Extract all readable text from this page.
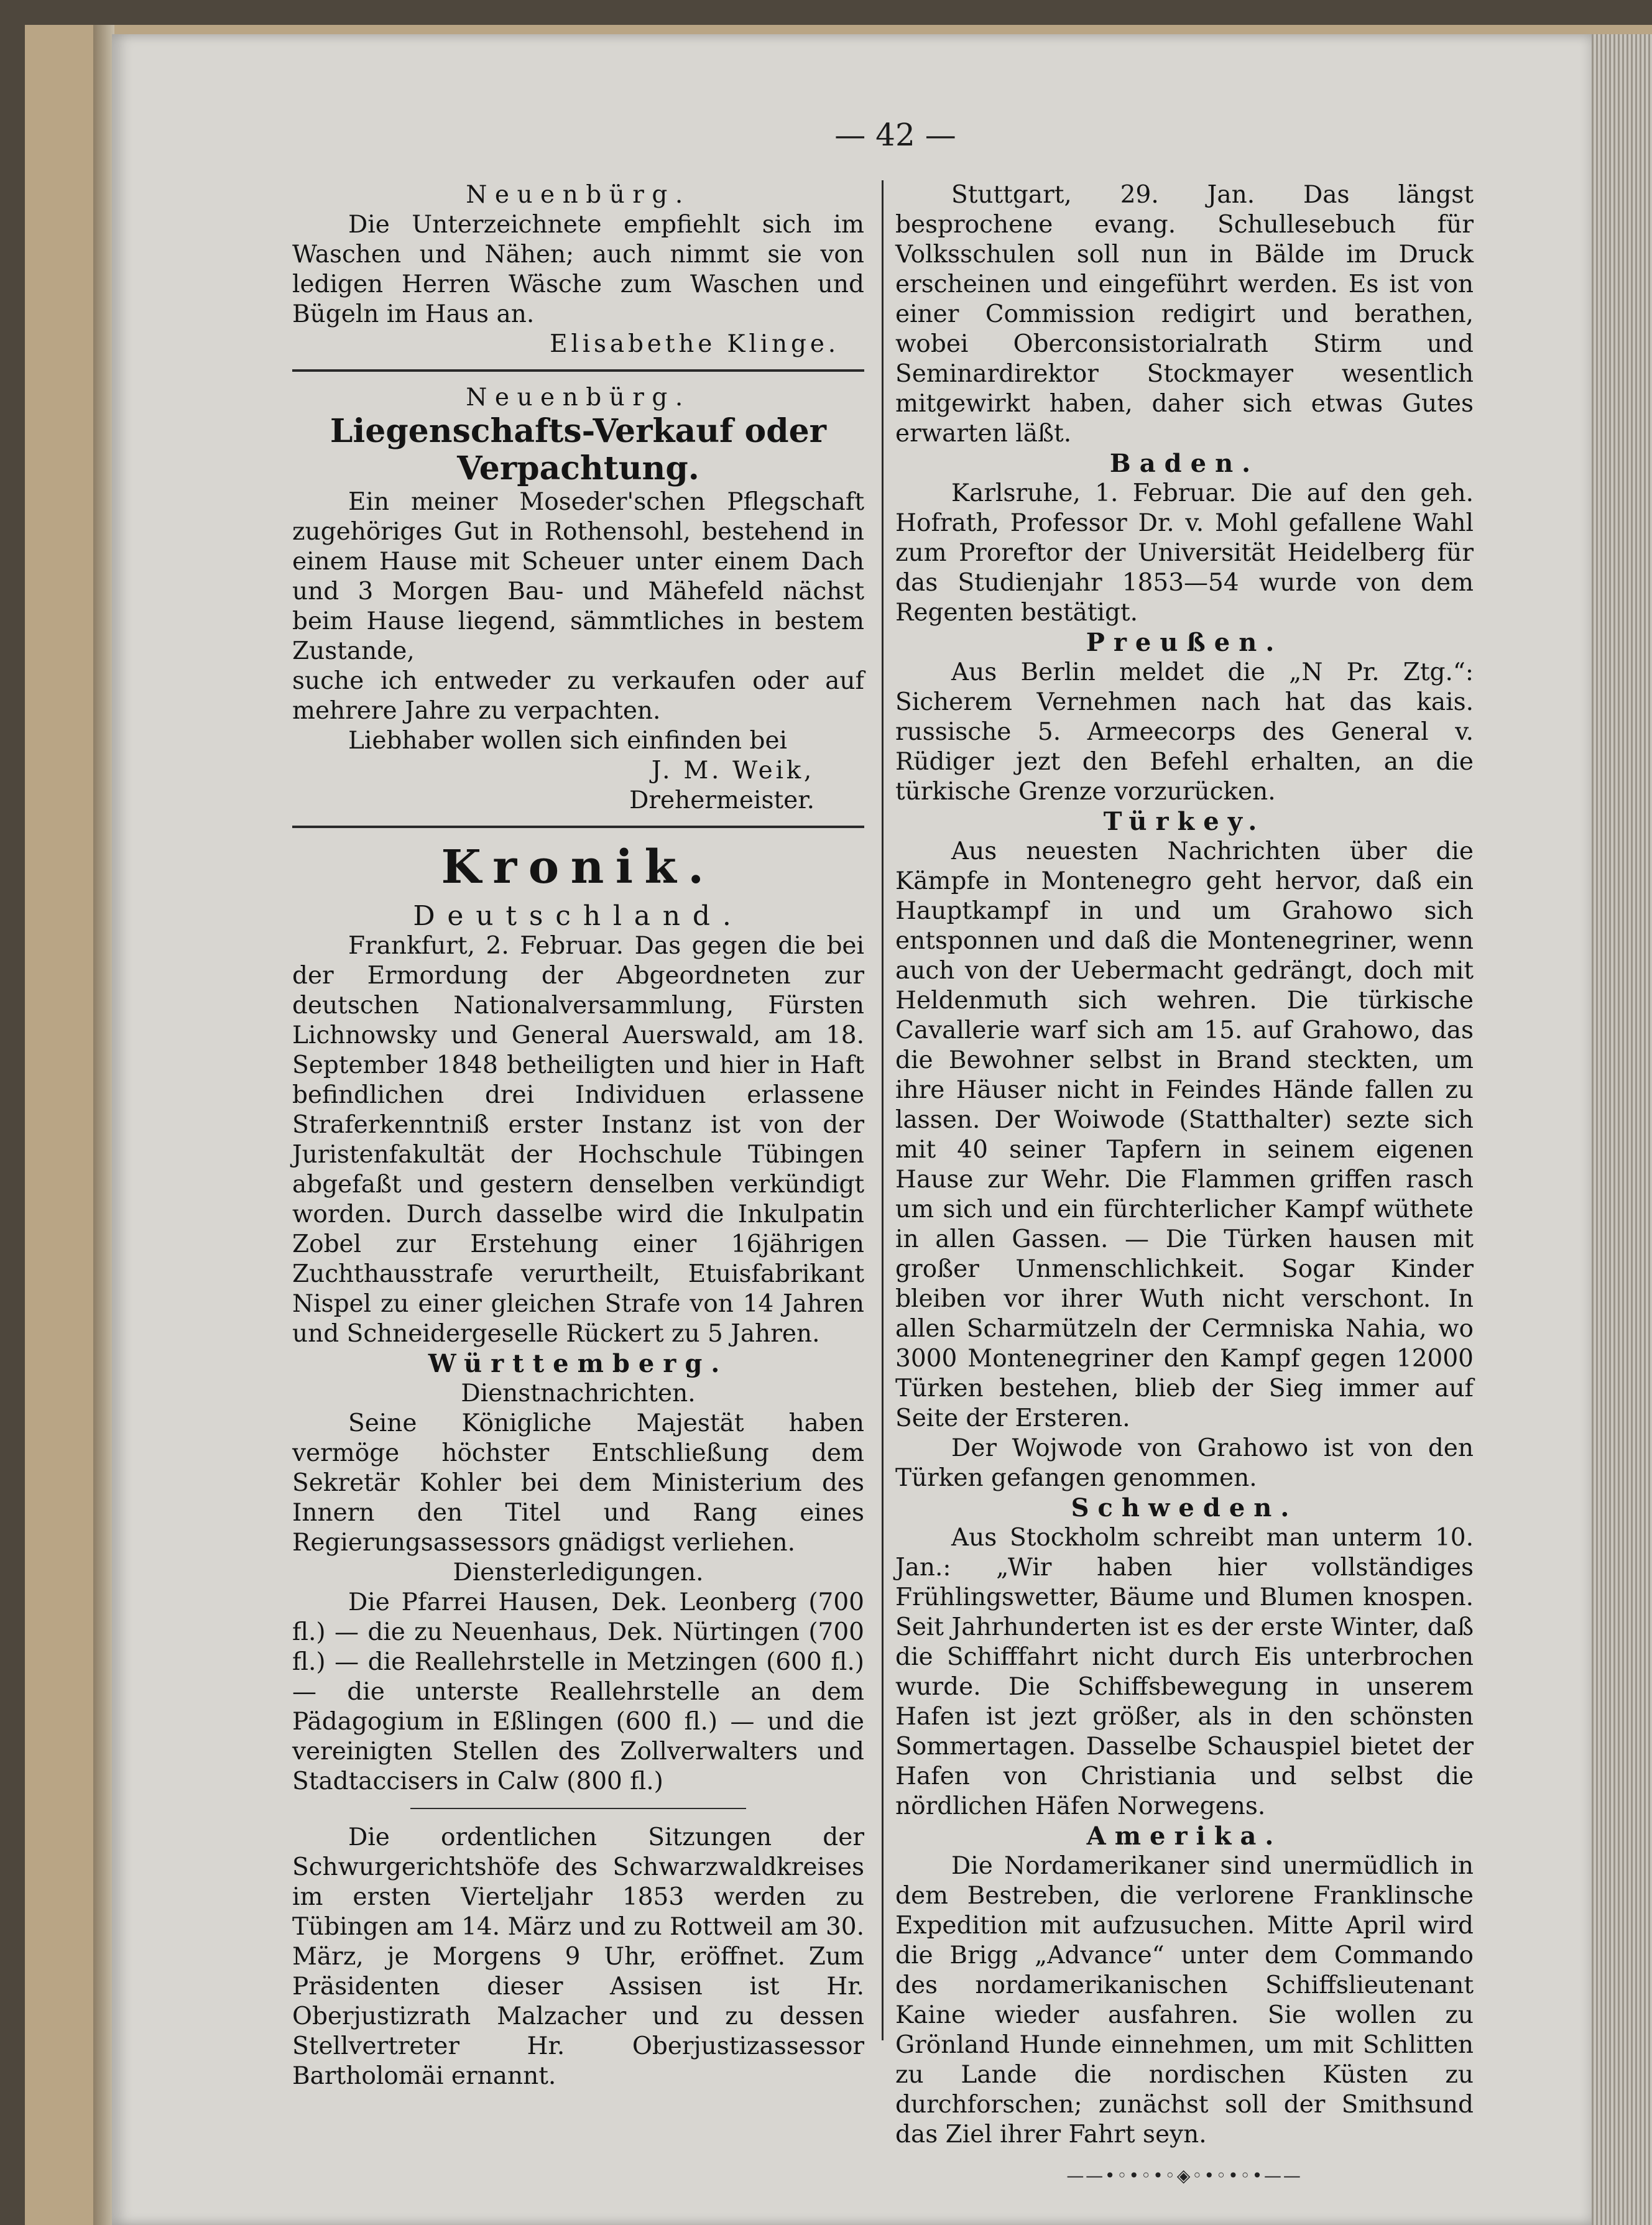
— 42 —

Neuenbürg.

Die Unterzeichnete empfiehlt sich im Waschen und Nähen; auch nimmt sie von ledigen Herren Wäsche zum Waschen und Bügeln im Haus an.

Elisabethe Klinge.

Neuenbürg.

Liegenschafts-Verkauf oder Verpachtung.

Ein meiner Moseder'schen Pflegschaft zugehöriges Gut in Rothensohl, bestehend in einem Hause mit Scheuer unter einem Dach und 3 Morgen Bau- und Mähefeld nächst beim Hause liegend, sämmtliches in bestem Zustande,

suche ich entweder zu verkaufen oder auf mehrere Jahre zu verpachten.

Liebhaber wollen sich einfinden bei

J. M. Weik,

Drehermeister.

Kronik.

Deutschland.

Frankfurt, 2. Februar. Das gegen die bei der Ermordung der Abgeordneten zur deutschen Nationalversammlung, Fürsten Lichnowsky und General Auerswald, am 18. September 1848 betheiligten und hier in Haft befindlichen drei Individuen erlassene Straferkenntniß erster Instanz ist von der Juristenfakultät der Hochschule Tübingen abgefaßt und gestern denselben verkündigt worden. Durch dasselbe wird die Inkulpatin Zobel zur Erstehung einer 16jährigen Zuchthausstrafe verurtheilt, Etuisfabrikant Nispel zu einer gleichen Strafe von 14 Jahren und Schneidergeselle Rückert zu 5 Jahren.

Württemberg.

Dienstnachrichten.

Seine Königliche Majestät haben vermöge höchster Entschließung dem Sekretär Kohler bei dem Ministerium des Innern den Titel und Rang eines Regierungsassessors gnädigst verliehen.

Diensterledigungen.

Die Pfarrei Hausen, Dek. Leonberg (700 fl.) — die zu Neuenhaus, Dek. Nürtingen (700 fl.) — die Reallehrstelle in Metzingen (600 fl.) — die unterste Reallehrstelle an dem Pädagogium in Eßlingen (600 fl.) — und die vereinigten Stellen des Zollverwalters und Stadtaccisers in Calw (800 fl.)

Die ordentlichen Sitzungen der Schwurgerichtshöfe des Schwarzwaldkreises im ersten Vierteljahr 1853 werden zu Tübingen am 14. März und zu Rottweil am 30. März, je Morgens 9 Uhr, eröffnet. Zum Präsidenten dieser Assisen ist Hr. Oberjustizrath Malzacher und zu dessen Stellvertreter Hr. Oberjustizassessor Bartholomäi ernannt.

Stuttgart, 29. Jan. Das längst besprochene evang. Schullesebuch für Volksschulen soll nun in Bälde im Druck erscheinen und eingeführt werden. Es ist von einer Commission redigirt und berathen, wobei Oberconsistorialrath Stirm und Seminardirektor Stockmayer wesentlich mitgewirkt haben, daher sich etwas Gutes erwarten läßt.

Baden.

Karlsruhe, 1. Februar. Die auf den geh. Hofrath, Professor Dr. v. Mohl gefallene Wahl zum Proreftor der Universität Heidelberg für das Studienjahr 1853—54 wurde von dem Regenten bestätigt.

Preußen.

Aus Berlin meldet die „N Pr. Ztg.“: Sicherem Vernehmen nach hat das kais. russische 5. Armeecorps des General v. Rüdiger jezt den Befehl erhalten, an die türkische Grenze vorzurücken.

Türkey.

Aus neuesten Nachrichten über die Kämpfe in Montenegro geht hervor, daß ein Hauptkampf in und um Grahowo sich entsponnen und daß die Montenegriner, wenn auch von der Uebermacht gedrängt, doch mit Heldenmuth sich wehren. Die türkische Cavallerie warf sich am 15. auf Grahowo, das die Bewohner selbst in Brand steckten, um ihre Häuser nicht in Feindes Hände fallen zu lassen. Der Woiwode (Statthalter) sezte sich mit 40 seiner Tapfern in seinem eigenen Hause zur Wehr. Die Flammen griffen rasch um sich und ein fürchterlicher Kampf wüthete in allen Gassen. — Die Türken hausen mit großer Unmenschlichkeit. Sogar Kinder bleiben vor ihrer Wuth nicht verschont. In allen Scharmützeln der Cermniska Nahia, wo 3000 Montenegriner den Kampf gegen 12000 Türken bestehen, blieb der Sieg immer auf Seite der Ersteren.

Der Wojwode von Grahowo ist von den Türken gefangen genommen.

Schweden.

Aus Stockholm schreibt man unterm 10. Jan.: „Wir haben hier vollständiges Frühlingswetter, Bäume und Blumen knospen. Seit Jahrhunderten ist es der erste Winter, daß die Schifffahrt nicht durch Eis unterbrochen wurde. Die Schiffsbewegung in unserem Hafen ist jezt größer, als in den schönsten Sommertagen. Dasselbe Schauspiel bietet der Hafen von Christiania und selbst die nördlichen Häfen Norwegens.

Amerika.

Die Nordamerikaner sind unermüdlich in dem Bestreben, die verlorene Franklinsche Expedition mit aufzusuchen. Mitte April wird die Brigg „Advance“ unter dem Commando des nordamerikanischen Schiffslieutenant Kaine wieder ausfahren. Sie wollen zu Grönland Hunde einnehmen, um mit Schlitten zu Lande die nordischen Küsten zu durchforschen; zunächst soll der Smithsund das Ziel ihrer Fahrt seyn.

——•◦•◦•◦◈◦•◦•◦•——
